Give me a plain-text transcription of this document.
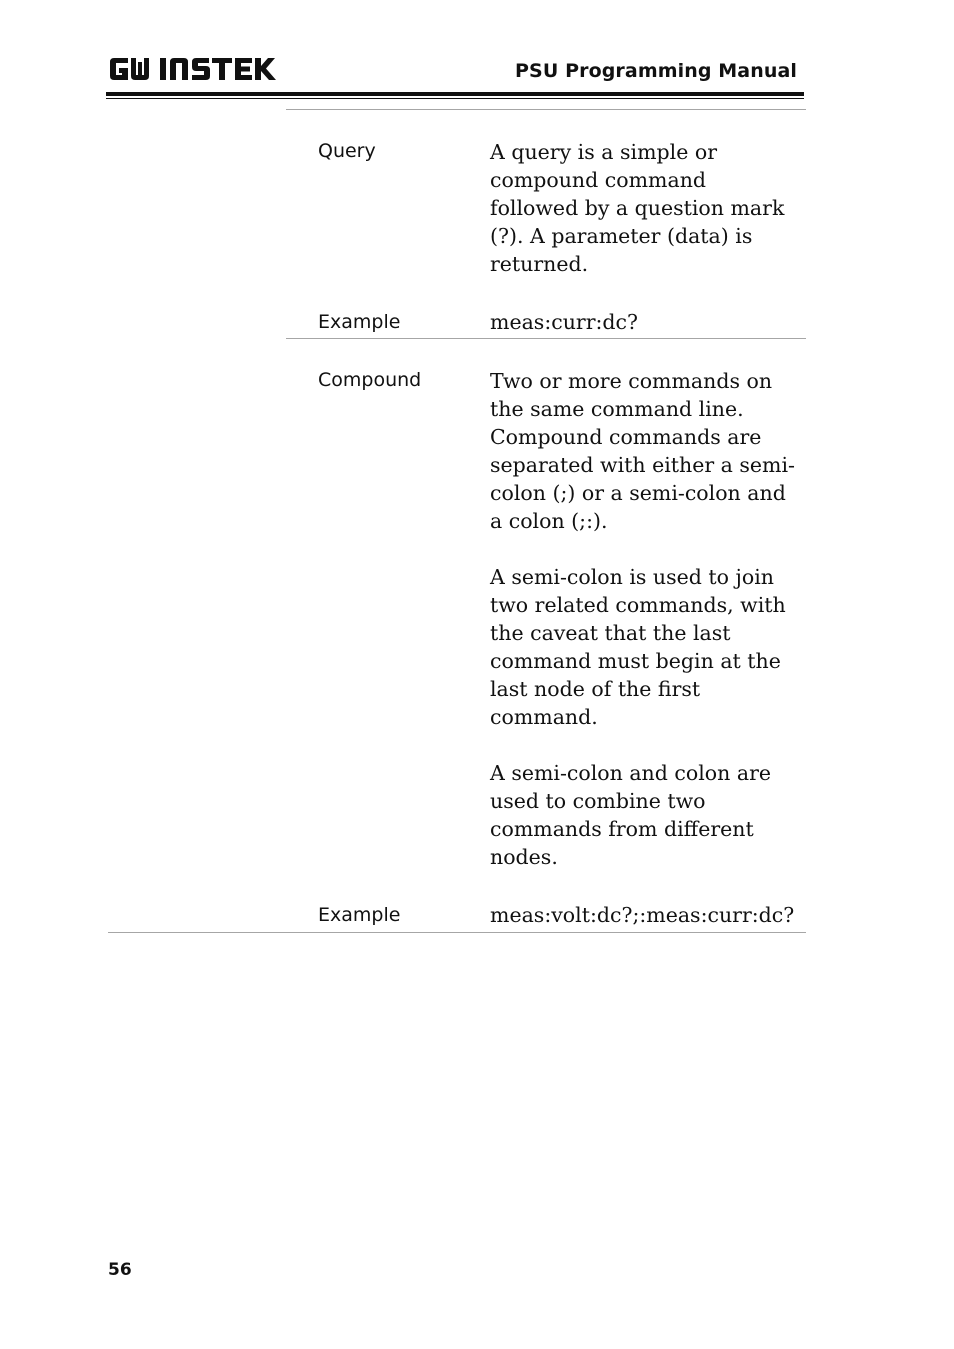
PSU Programming Manual
Query	A query is a simple or compound command followed by a question mark (?). A parameter (data) is returned.
Example	meas:curr:dc?
Compound	Two or more commands on the same command line. Compound commands are separated with either a semi-colon (;) or a semi-colon and a colon (;:).
A semi-colon is used to join two related commands, with the caveat that the last command must begin at the last node of the first command.
A semi-colon and colon are used to combine two commands from different nodes.
Example	meas:volt:dc?;:meas:curr:dc?
56
